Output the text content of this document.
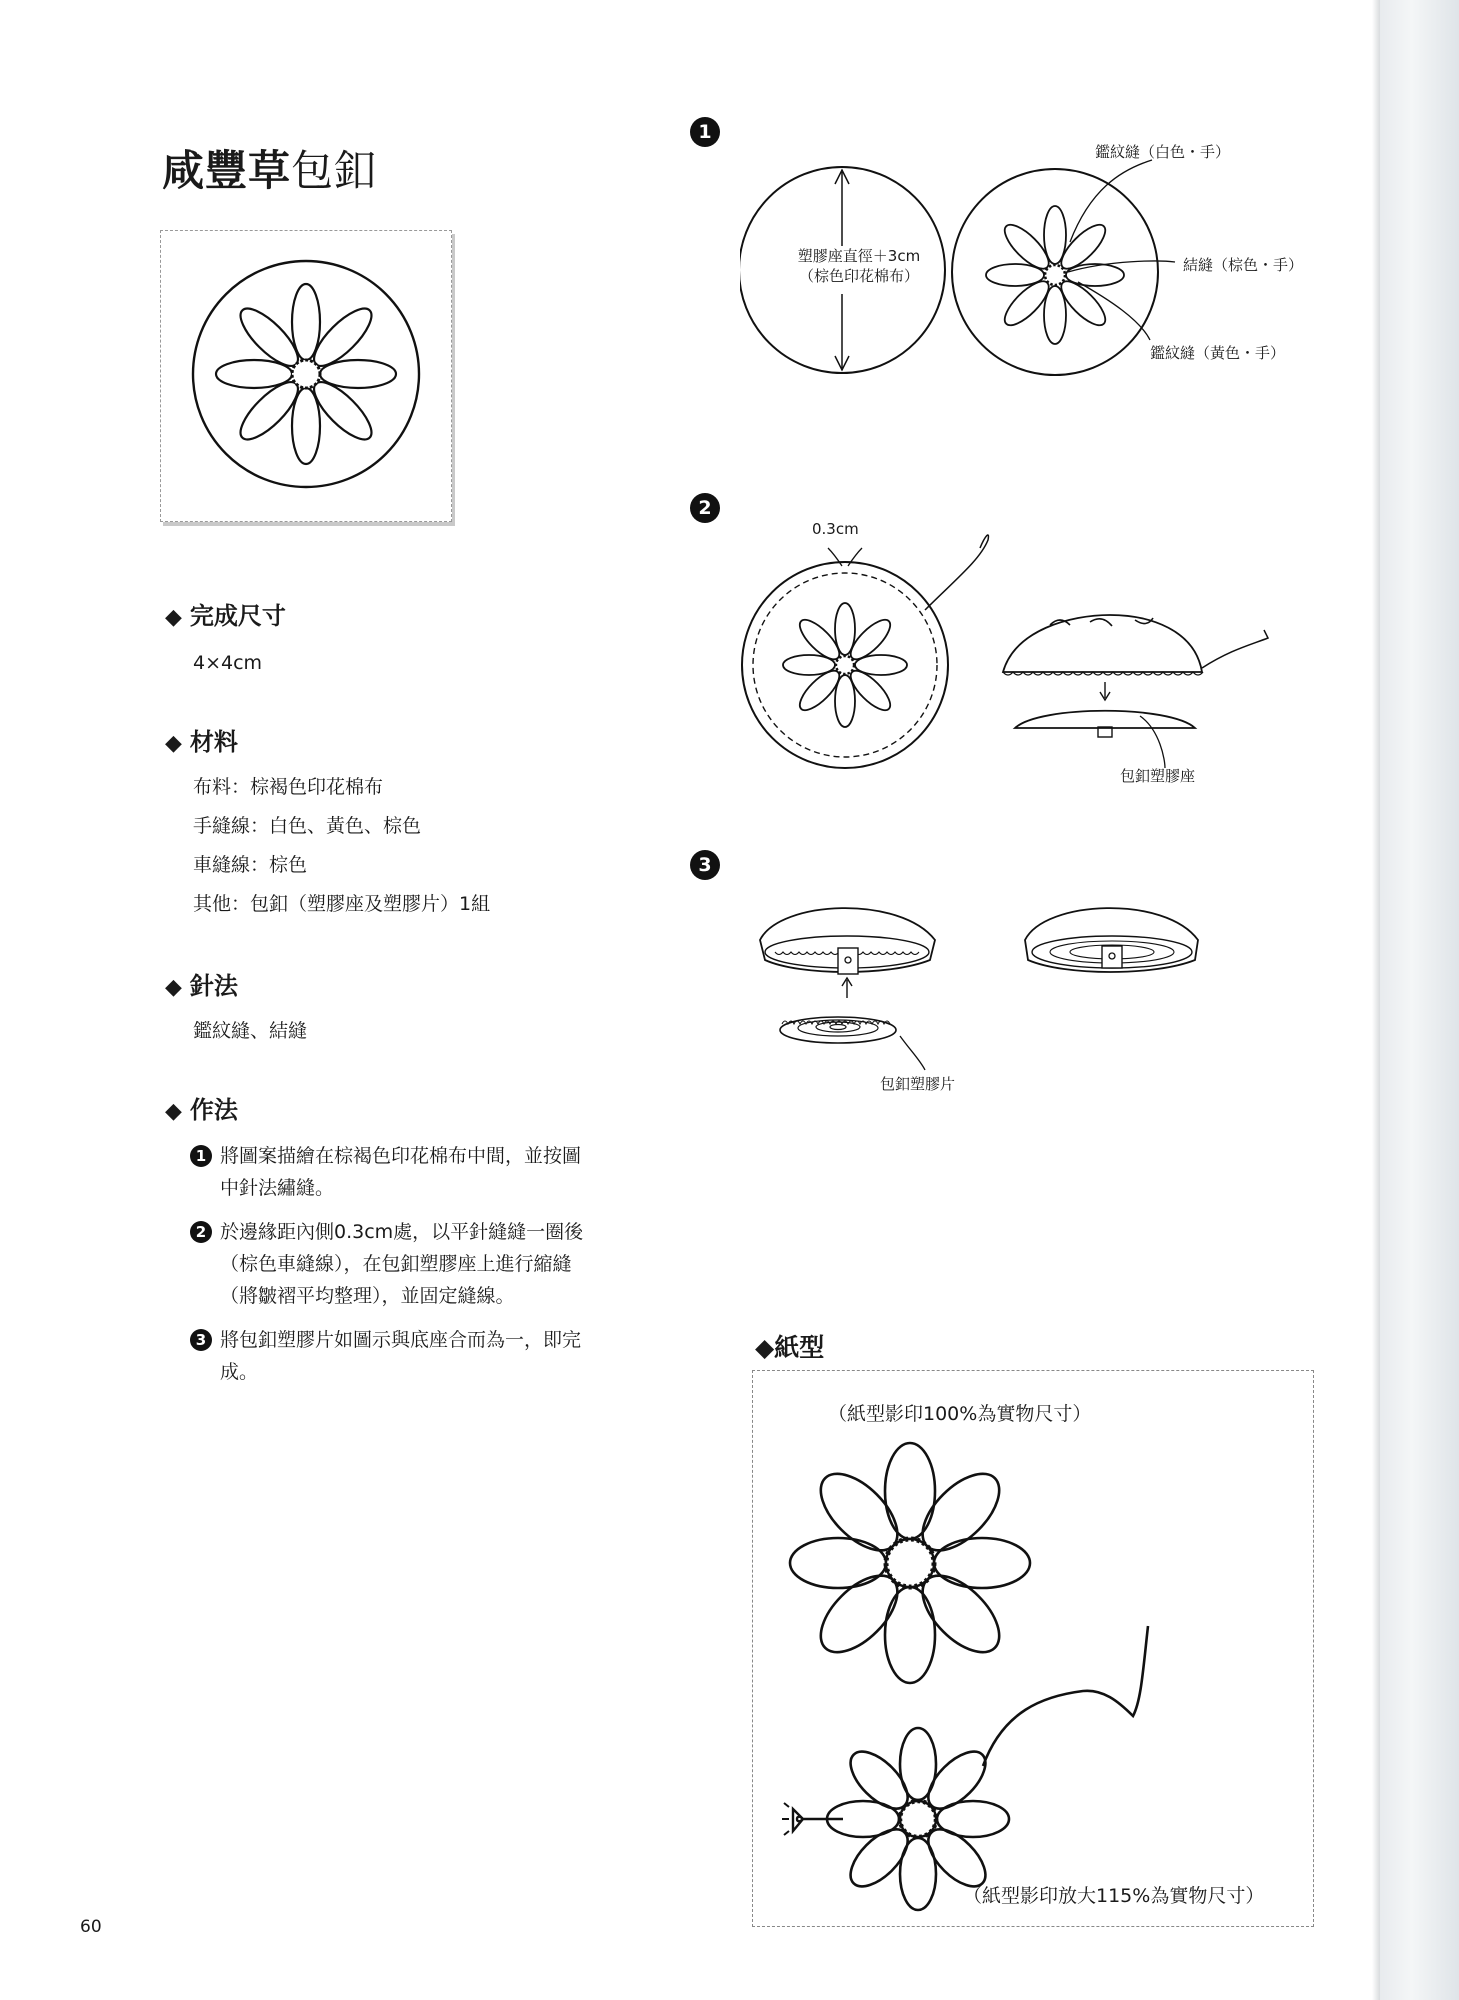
咸豐草包釦
◆ 完成尺寸
4×4cm
◆ 材料
布料：棕褐色印花棉布
手縫線：白色、黃色、棕色
車縫線：棕色
其他：包釦（塑膠座及塑膠片）1組
◆ 針法
鑑紋縫、結縫
◆ 作法
1 將圖案描繪在棕褐色印花棉布中間，並按圖中針法繡縫。
2 於邊緣距內側0.3cm處，以平針縫縫一圈後（棕色車縫線），在包釦塑膠座上進行縮縫（將皺褶平均整理），並固定縫線。
3 將包釦塑膠片如圖示與底座合而為一，即完成。
1
塑膠座直徑＋3cm
（棕色印花棉布）
鑑紋縫（白色・手）
結縫（棕色・手）
鑑紋縫（黃色・手）
2
0.3cm
包釦塑膠座
3
包釦塑膠片
◆紙型
（紙型影印100%為實物尺寸）
（紙型影印放大115%為實物尺寸）
60
